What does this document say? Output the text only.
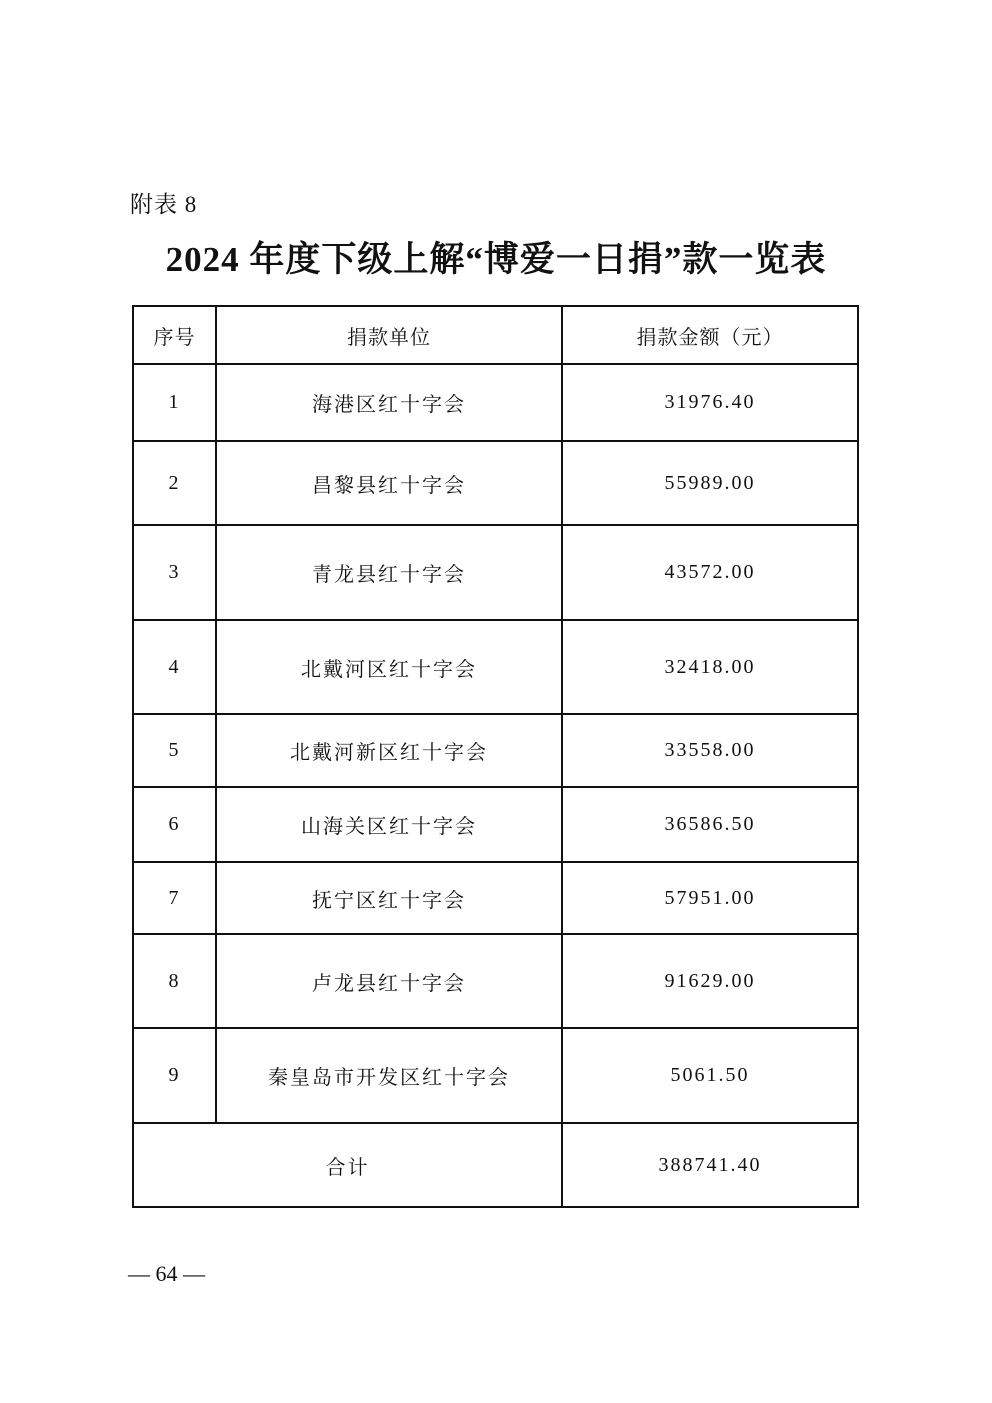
附表 8
2024 年度下级上解“博爱一日捐”款一览表
序号	捐款单位	捐款金额（元）
1	海港区红十字会	31976.40
2	昌黎县红十字会	55989.00
3	青龙县红十字会	43572.00
4	北戴河区红十字会	32418.00
5	北戴河新区红十字会	33558.00
6	山海关区红十字会	36586.50
7	抚宁区红十字会	57951.00
8	卢龙县红十字会	91629.00
9	秦皇岛市开发区红十字会	5061.50
合计		388741.40
— 64 —
